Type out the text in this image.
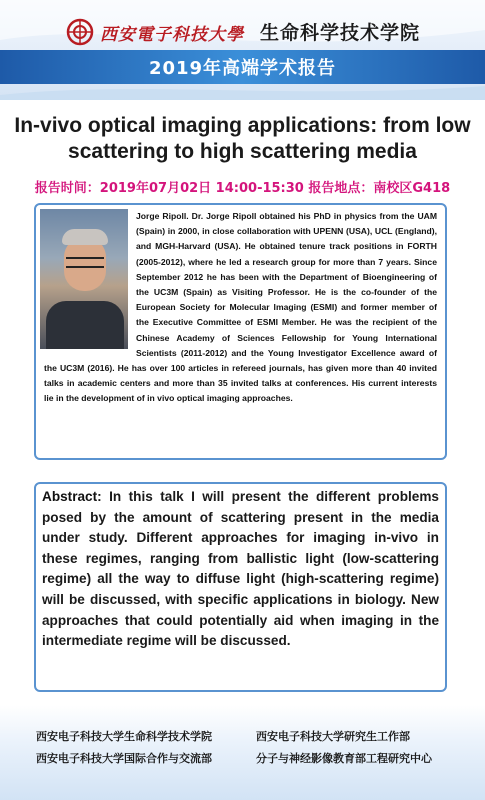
西安電子科技大學 生命科学技术学院
2019年高端学术报告
In-vivo optical imaging applications: from low scattering to high scattering media
报告时间：2019年07月02日 14:00-15:30 报告地点：南校区G418
Jorge Ripoll. Dr. Jorge Ripoll obtained his PhD in physics from the UAM (Spain) in 2000, in close collaboration with UPENN (USA), UCL (England), and MGH-Harvard (USA). He obtained tenure track positions in FORTH (2005-2012), where he led a research group for more than 7 years. Since September 2012 he has been with the Department of Bioengineering of the UC3M (Spain) as Visiting Professor. He is the co-founder of the European Society for Molecular Imaging (ESMI) and former member of the Executive Committee of ESMI Member. He was the recipient of the Chinese Academy of Sciences Fellowship for Young International Scientists (2011-2012) and the Young Investigator Excellence award of the UC3M (2016). He has over 100 articles in refereed journals, has given more than 40 invited talks in academic centers and more than 35 invited talks at conferences. His current interests lie in the development of in vivo optical imaging approaches.
Abstract: In this talk I will present the different problems posed by the amount of scattering present in the media under study. Different approaches for imaging in-vivo in these regimes, ranging from ballistic light (low-scattering regime) all the way to diffuse light (high-scattering regime) will be discussed, with specific applications in biology. New approaches that could potentially aid when imaging in the intermediate regime will be discussed.
西安电子科技大学生命科学技术学院	西安电子科技大学研究生工作部
西安电子科技大学国际合作与交流部	分子与神经影像教育部工程研究中心
